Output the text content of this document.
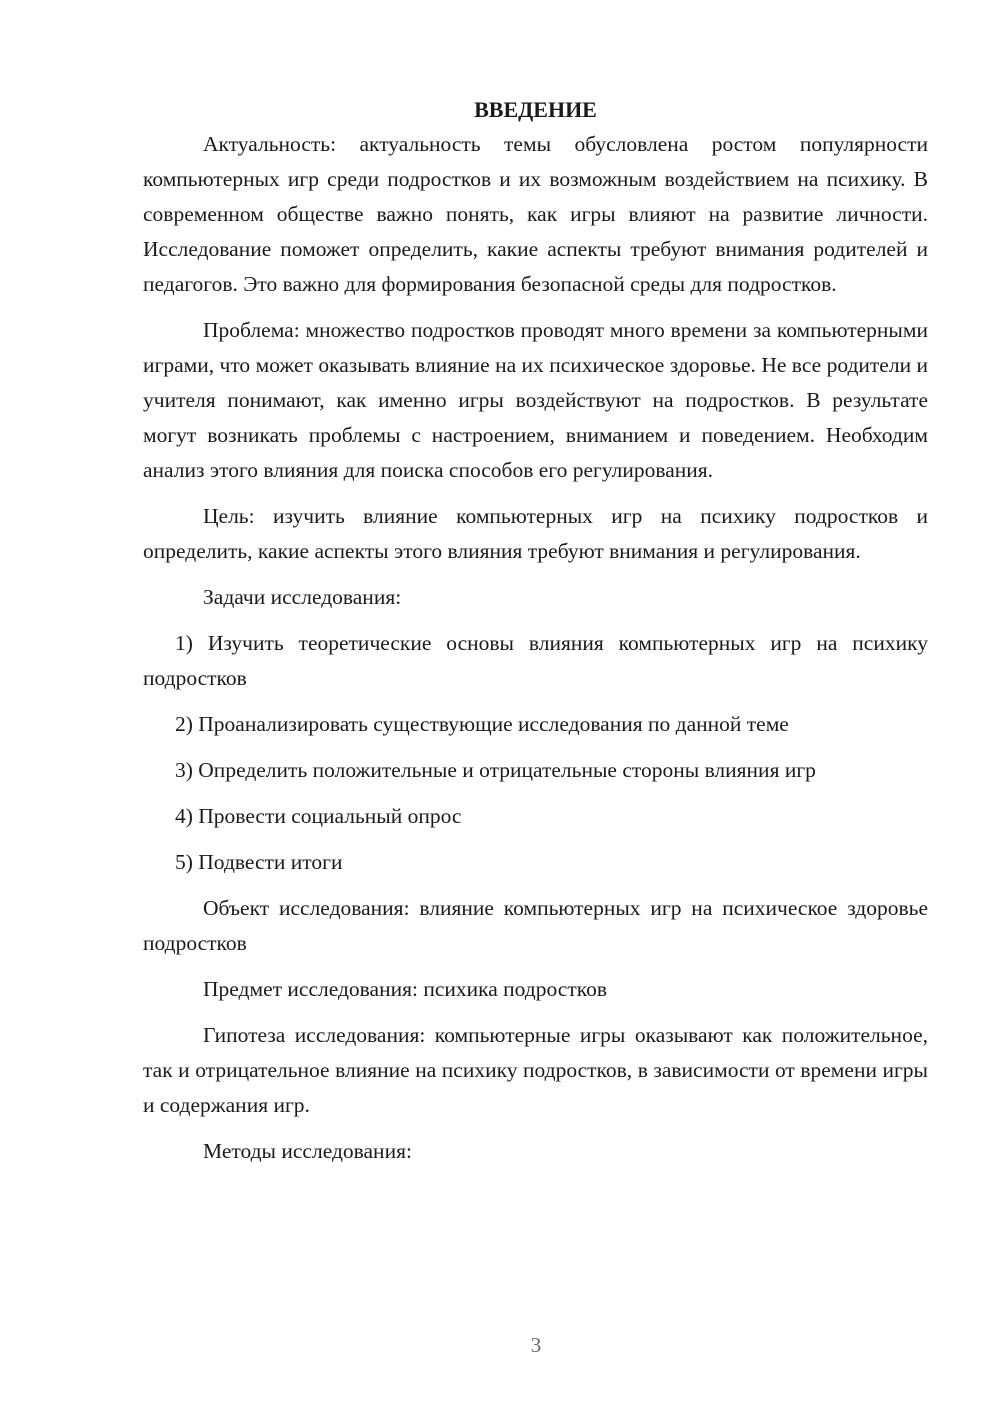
ВВЕДЕНИЕ

Актуальность: актуальность темы обусловлена ростом популярности компьютерных игр среди подростков и их возможным воздействием на психику. В современном обществе важно понять, как игры влияют на развитие личности. Исследование поможет определить, какие аспекты требуют внимания родителей и педагогов. Это важно для формирования безопасной среды для подростков.

Проблема: множество подростков проводят много времени за компьютерными играми, что может оказывать влияние на их психическое здоровье. Не все родители и учителя понимают, как именно игры воздействуют на подростков. В результате могут возникать проблемы с настроением, вниманием и поведением. Необходим анализ этого влияния для поиска способов его регулирования.

Цель: изучить влияние компьютерных игр на психику подростков и определить, какие аспекты этого влияния требуют внимания и регулирования.

Задачи исследования:

1) Изучить теоретические основы влияния компьютерных игр на психику подростков

2) Проанализировать существующие исследования по данной теме

3) Определить положительные и отрицательные стороны влияния игр

4) Провести социальный опрос

5) Подвести итоги

Объект исследования: влияние компьютерных игр на психическое здоровье подростков

Предмет исследования: психика подростков

Гипотеза исследования: компьютерные игры оказывают как положительное, так и отрицательное влияние на психику подростков, в зависимости от времени игры и содержания игр.

Методы исследования:

3
